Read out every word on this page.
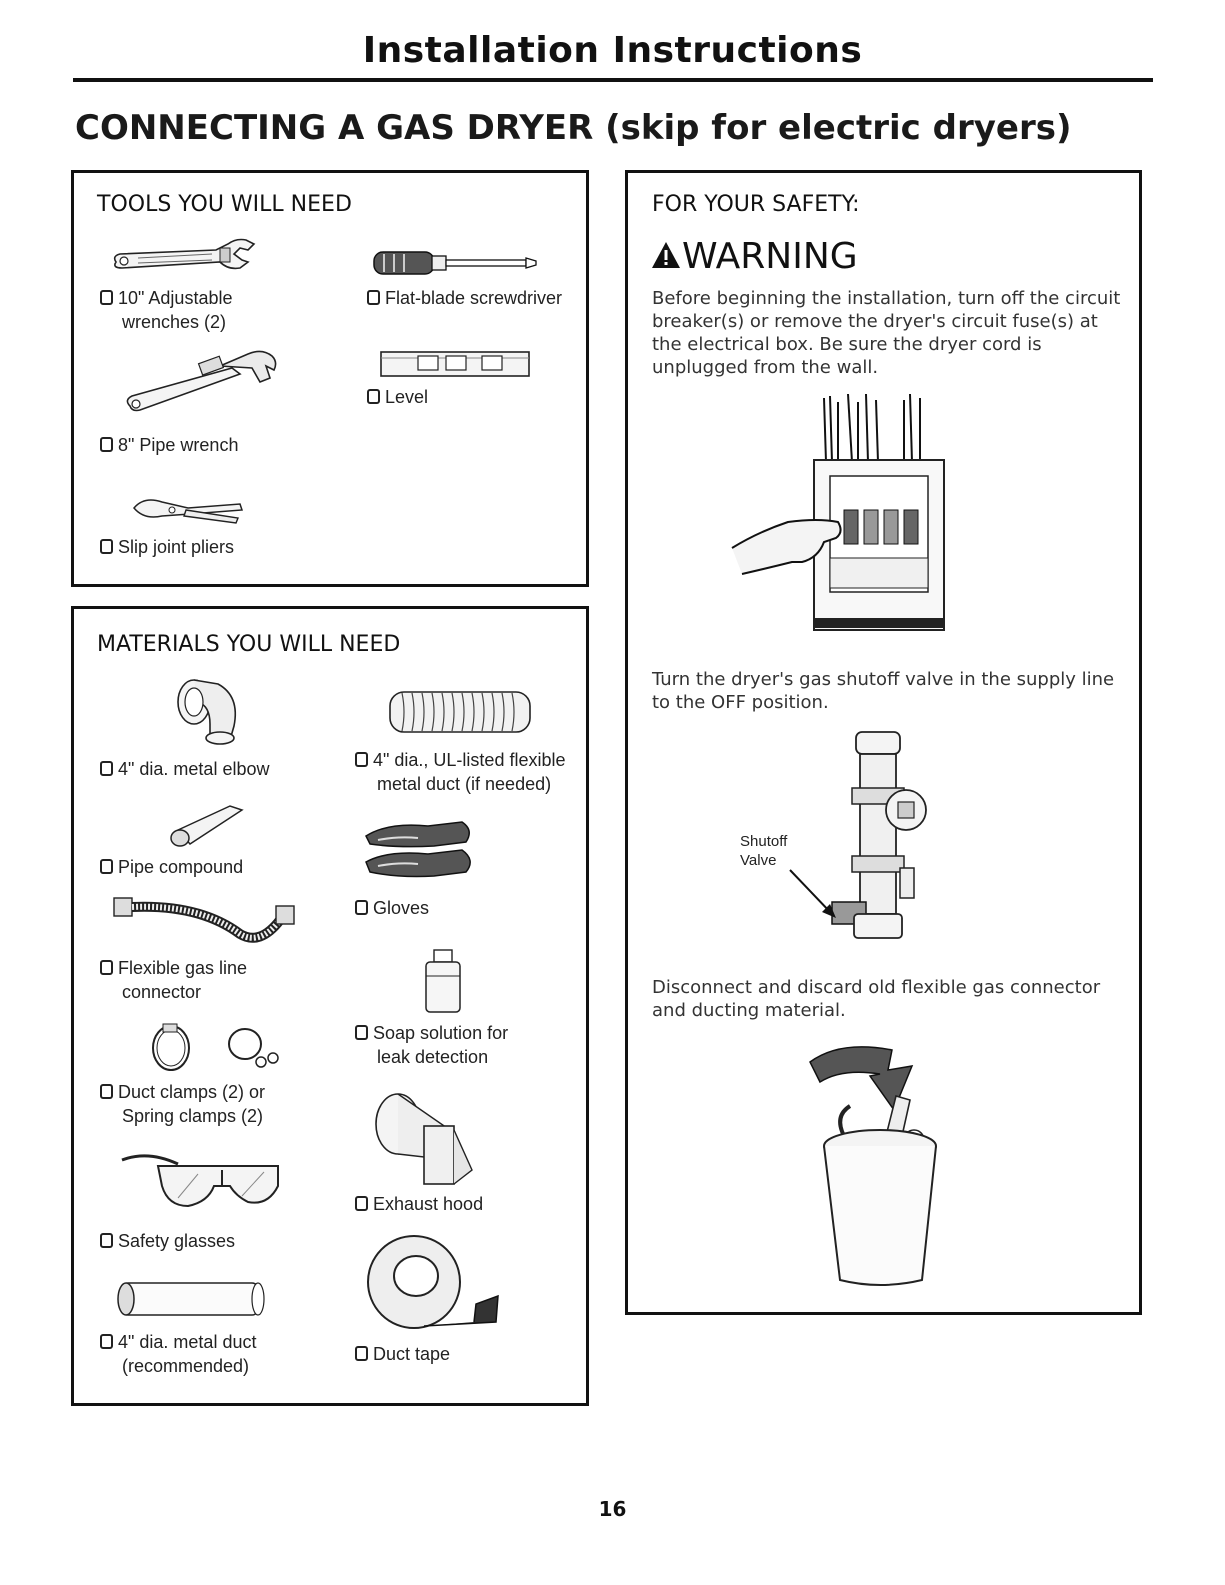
Installation Instructions
CONNECTING A GAS DRYER (skip for electric dryers)
TOOLS YOU WILL NEED
10" Adjustable
wrenches (2)
Flat-blade screwdriver
8" Pipe wrench
Level
Slip joint pliers
MATERIALS YOU WILL NEED
4" dia. metal elbow	4" dia., UL-listed flexible
metal duct (if needed)
Pipe compound
Gloves
Flexible gas line
connector
Soap solution for
leak detection
Duct clamps (2) or
Spring clamps (2)
Exhaust hood
Safety glasses
4" dia. metal duct
(recommended)
Duct tape
FOR YOUR SAFETY:
WARNING
Before beginning the installation, turn off the circuit breaker(s) or remove the dryer's circuit fuse(s) at the electrical box. Be sure the dryer cord is unplugged from the wall.
Turn the dryer's gas shutoff valve in the supply line to the OFF position.
Shutoff
Valve
Disconnect and discard old flexible gas connector and ducting material.
16
